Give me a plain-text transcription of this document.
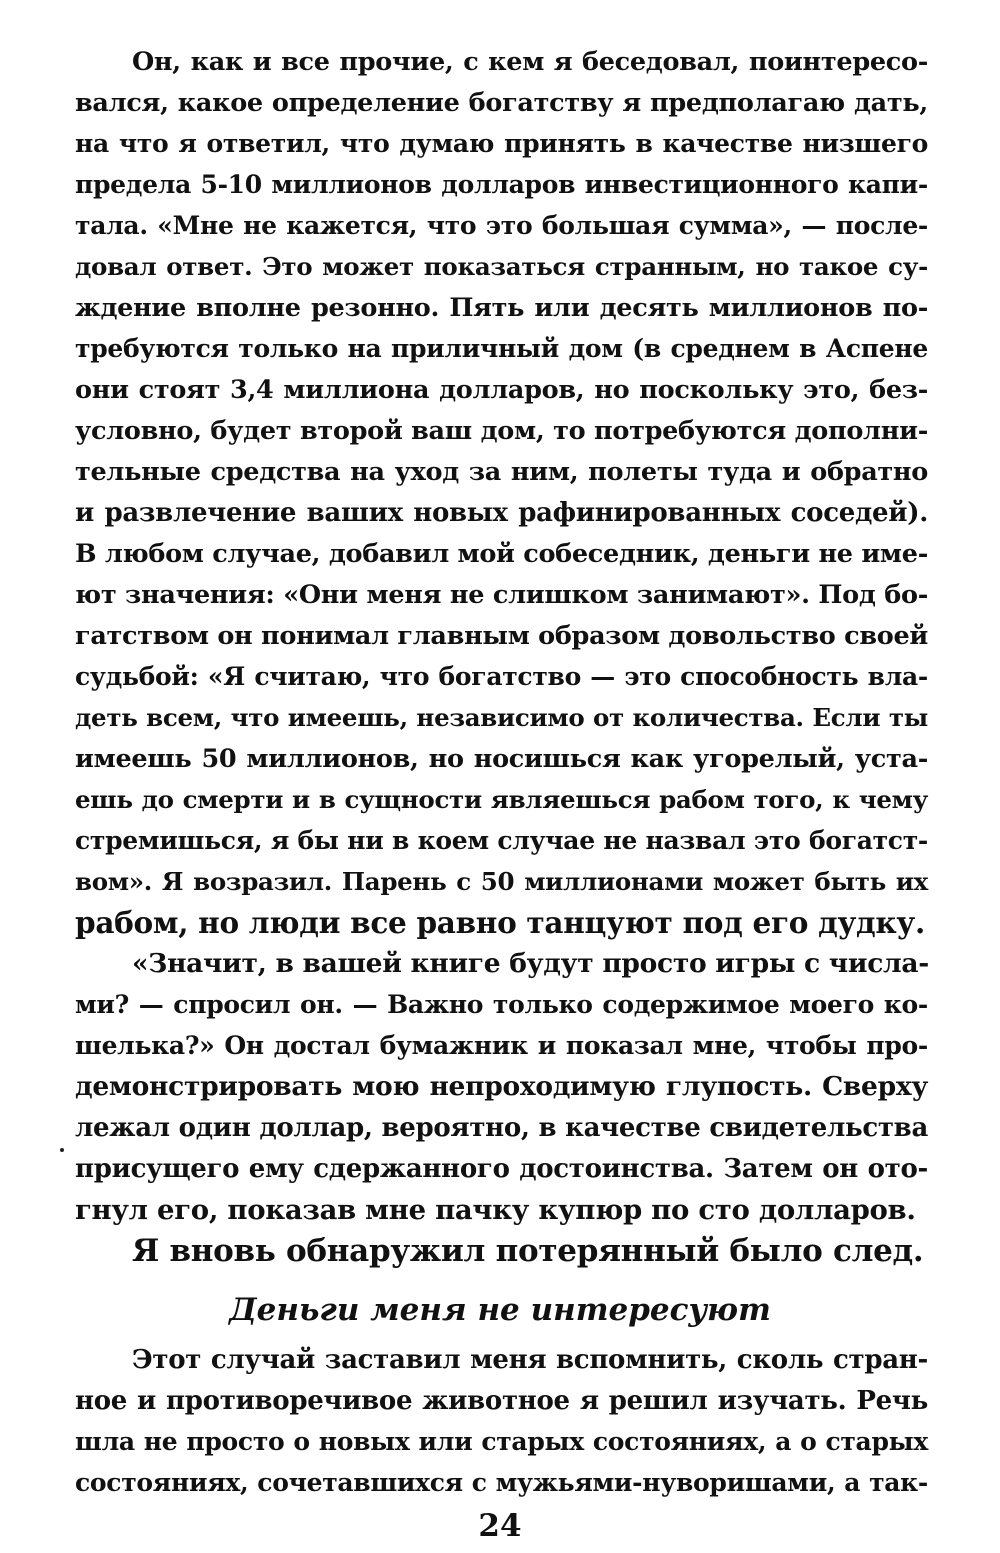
Он, как и все прочие, с кем я беседовал, поинтересо-
вался, какое определение богатству я предполагаю дать,
на что я ответил, что думаю принять в качестве низшего
предела 5-10 миллионов долларов инвестиционного капи-
тала. «Мне не кажется, что это большая сумма», — после-
довал ответ. Это может показаться странным, но такое су-
ждение вполне резонно. Пять или десять миллионов по-
требуются только на приличный дом (в среднем в Аспене
они стоят 3,4 миллиона долларов, но поскольку это, без-
условно, будет второй ваш дом, то потребуются дополни-
тельные средства на уход за ним, полеты туда и обратно
и развлечение ваших новых рафинированных соседей).
В любом случае, добавил мой собеседник, деньги не име-
ют значения: «Они меня не слишком занимают». Под бо-
гатством он понимал главным образом довольство своей
судьбой: «Я считаю, что богатство — это способность вла-
деть всем, что имеешь, независимо от количества. Если ты
имеешь 50 миллионов, но носишься как угорелый, уста-
ешь до смерти и в сущности являешься рабом того, к чему
стремишься, я бы ни в коем случае не назвал это богатст-
вом». Я возразил. Парень с 50 миллионами может быть их
рабом, но люди все равно танцуют под его дудку.
«Значит, в вашей книге будут просто игры с числа-
ми? — спросил он. — Важно только содержимое моего ко-
шелька?» Он достал бумажник и показал мне, чтобы про-
демонстрировать мою непроходимую глупость. Сверху
лежал один доллар, вероятно, в качестве свидетельства
присущего ему сдержанного достоинства. Затем он ото-
гнул его, показав мне пачку купюр по сто долларов.
Я вновь обнаружил потерянный было след.
Деньги меня не интересуют
Этот случай заставил меня вспомнить, сколь стран-
ное и противоречивое животное я решил изучать. Речь
шла не просто о новых или старых состояниях, а о старых
состояниях, сочетавшихся с мужьями-нуворишами, а так-
24
